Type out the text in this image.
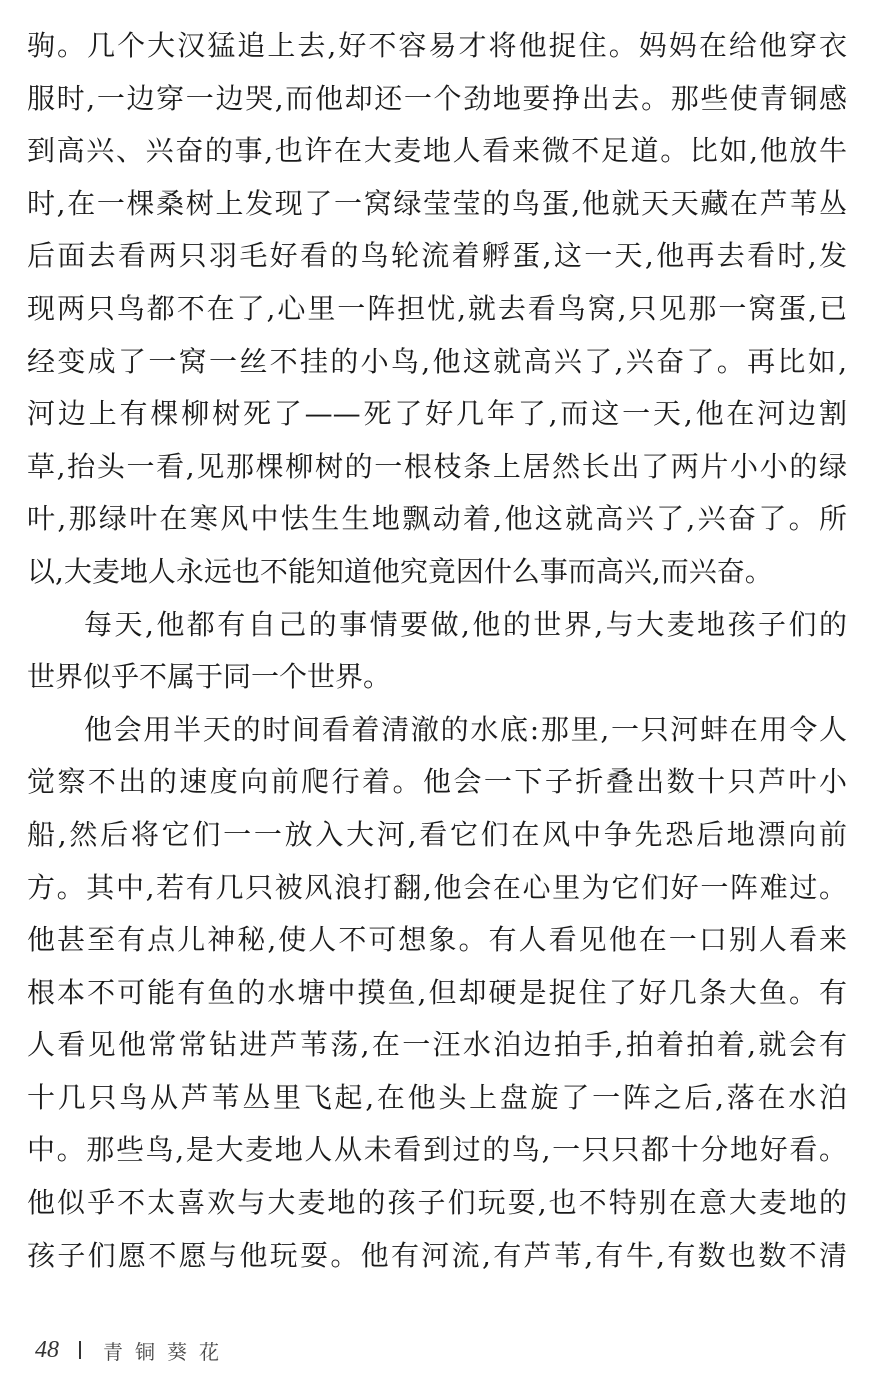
驹。几个大汉猛追上去,好不容易才将他捉住。妈妈在给他穿衣
服时,一边穿一边哭,而他却还一个劲地要挣出去。那些使青铜感
到高兴、兴奋的事,也许在大麦地人看来微不足道。比如,他放牛
时,在一棵桑树上发现了一窝绿莹莹的鸟蛋,他就天天藏在芦苇丛
后面去看两只羽毛好看的鸟轮流着孵蛋,这一天,他再去看时,发
现两只鸟都不在了,心里一阵担忧,就去看鸟窝,只见那一窝蛋,已
经变成了一窝一丝不挂的小鸟,他这就高兴了,兴奋了。再比如,
河边上有棵柳树死了——死了好几年了,而这一天,他在河边割
草,抬头一看,见那棵柳树的一根枝条上居然长出了两片小小的绿
叶,那绿叶在寒风中怯生生地飘动着,他这就高兴了,兴奋了。所
以,大麦地人永远也不能知道他究竟因什么事而高兴,而兴奋。
每天,他都有自己的事情要做,他的世界,与大麦地孩子们的
世界似乎不属于同一个世界。
他会用半天的时间看着清澈的水底:那里,一只河蚌在用令人
觉察不出的速度向前爬行着。他会一下子折叠出数十只芦叶小
船,然后将它们一一放入大河,看它们在风中争先恐后地漂向前
方。其中,若有几只被风浪打翻,他会在心里为它们好一阵难过。
他甚至有点儿神秘,使人不可想象。有人看见他在一口别人看来
根本不可能有鱼的水塘中摸鱼,但却硬是捉住了好几条大鱼。有
人看见他常常钻进芦苇荡,在一汪水泊边拍手,拍着拍着,就会有
十几只鸟从芦苇丛里飞起,在他头上盘旋了一阵之后,落在水泊
中。那些鸟,是大麦地人从未看到过的鸟,一只只都十分地好看。
他似乎不太喜欢与大麦地的孩子们玩耍,也不特别在意大麦地的
孩子们愿不愿与他玩耍。他有河流,有芦苇,有牛,有数也数不清
48 青铜葵花
